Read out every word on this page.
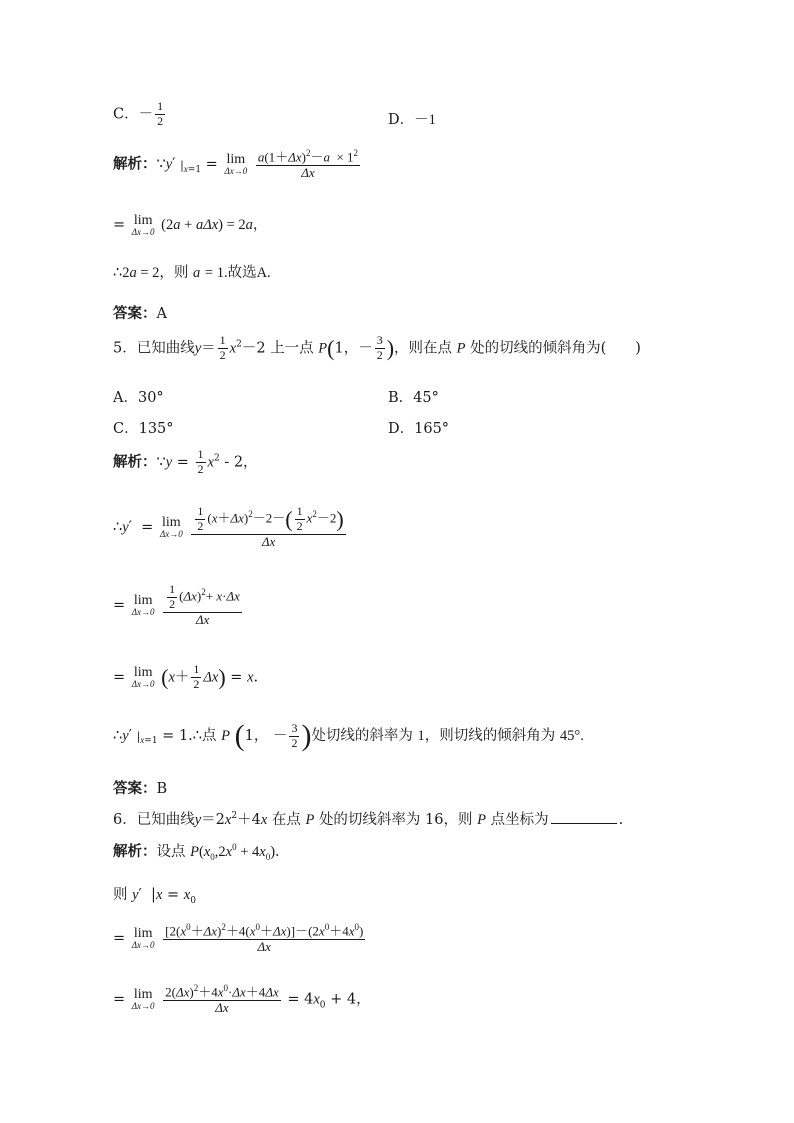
C．－ $\frac{1}{2}$	D．－1
解析：∵y′ $|_{x=1} = \lim$
Δx→0
$\frac{a(1+\Delta x)^2-a \times 1^2}{\Delta x}$
= lim
Δx→0 (2a + aΔx) = 2a，
∴2a = 2，则 a = 1.故选A.
答案：A
5．已知曲线$y= \frac{1}{2} x^2-2$ 上一点 P(1，－ $\frac{3}{2}$ )，则在点 P 处的切线的倾斜角为(　　)
A．30°	B．45°
C．135°	D．165°
解析：∵y = $\frac{1}{2} x^2 - 2$，
∴y′  = lim
Δx→0
$\frac{\frac{1}{2} (x+\Delta x)^2-2-( \frac{1}{2} x^2-2)}{\Delta x}$
= lim
Δx→0
$\frac{\frac{1}{2} (\Delta x)^2+ x\cdot\Delta x}{\Delta x}$
= lim
Δx→0 $(x+ \frac{1}{2} \Delta x) = x$.
∴y′ $|_{x=1}$ = 1.∴点 P (1， － $\frac{3}{2}$ )处切线的斜率为 1，则切线的倾斜角为 45°.
答案：B
6．已知曲线$y=2x^2+4x$ 在点 P 处的切线斜率为 16，则 P 点坐标为	.
解析：设点 $P(x_0,2x^0 + 4x_0)$．
则 y′  $|x = x_0$
= lim
Δx→0
$\frac{[2(x^0+\Delta x)^2+4(x^0+\Delta x)]-(2x^0+4x^0)}{\Delta x}$
= lim
Δx→0
$\frac{2(\Delta x)^2+4x^0\cdot\Delta x+4\Delta x}{\Delta x} = 4x_0 + 4$，
